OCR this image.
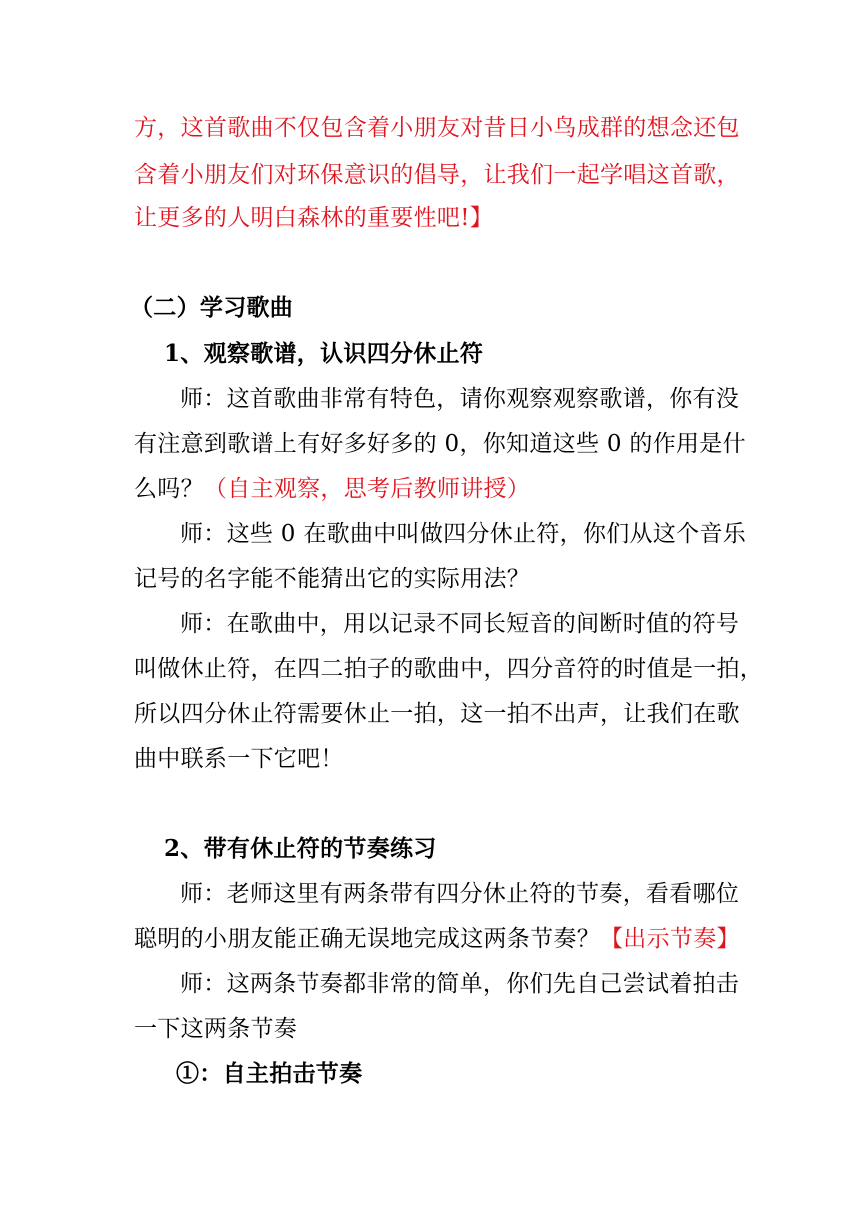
方，这首歌曲不仅包含着小朋友对昔日小鸟成群的想念还包
含着小朋友们对环保意识的倡导，让我们一起学唱这首歌，
让更多的人明白森林的重要性吧!】
（二）学习歌曲
1、观察歌谱，认识四分休止符
师：这首歌曲非常有特色，请你观察观察歌谱，你有没
有注意到歌谱上有好多好多的 0，你知道这些 0 的作用是什
么吗？（自主观察，思考后教师讲授）
师：这些 0 在歌曲中叫做四分休止符，你们从这个音乐
记号的名字能不能猜出它的实际用法？
师：在歌曲中，用以记录不同长短音的间断时值的符号
叫做休止符，在四二拍子的歌曲中，四分音符的时值是一拍，
所以四分休止符需要休止一拍，这一拍不出声，让我们在歌
曲中联系一下它吧！
2、带有休止符的节奏练习
师：老师这里有两条带有四分休止符的节奏，看看哪位
聪明的小朋友能正确无误地完成这两条节奏？【出示节奏】
师：这两条节奏都非常的简单，你们先自己尝试着拍击
一下这两条节奏
①：自主拍击节奏
